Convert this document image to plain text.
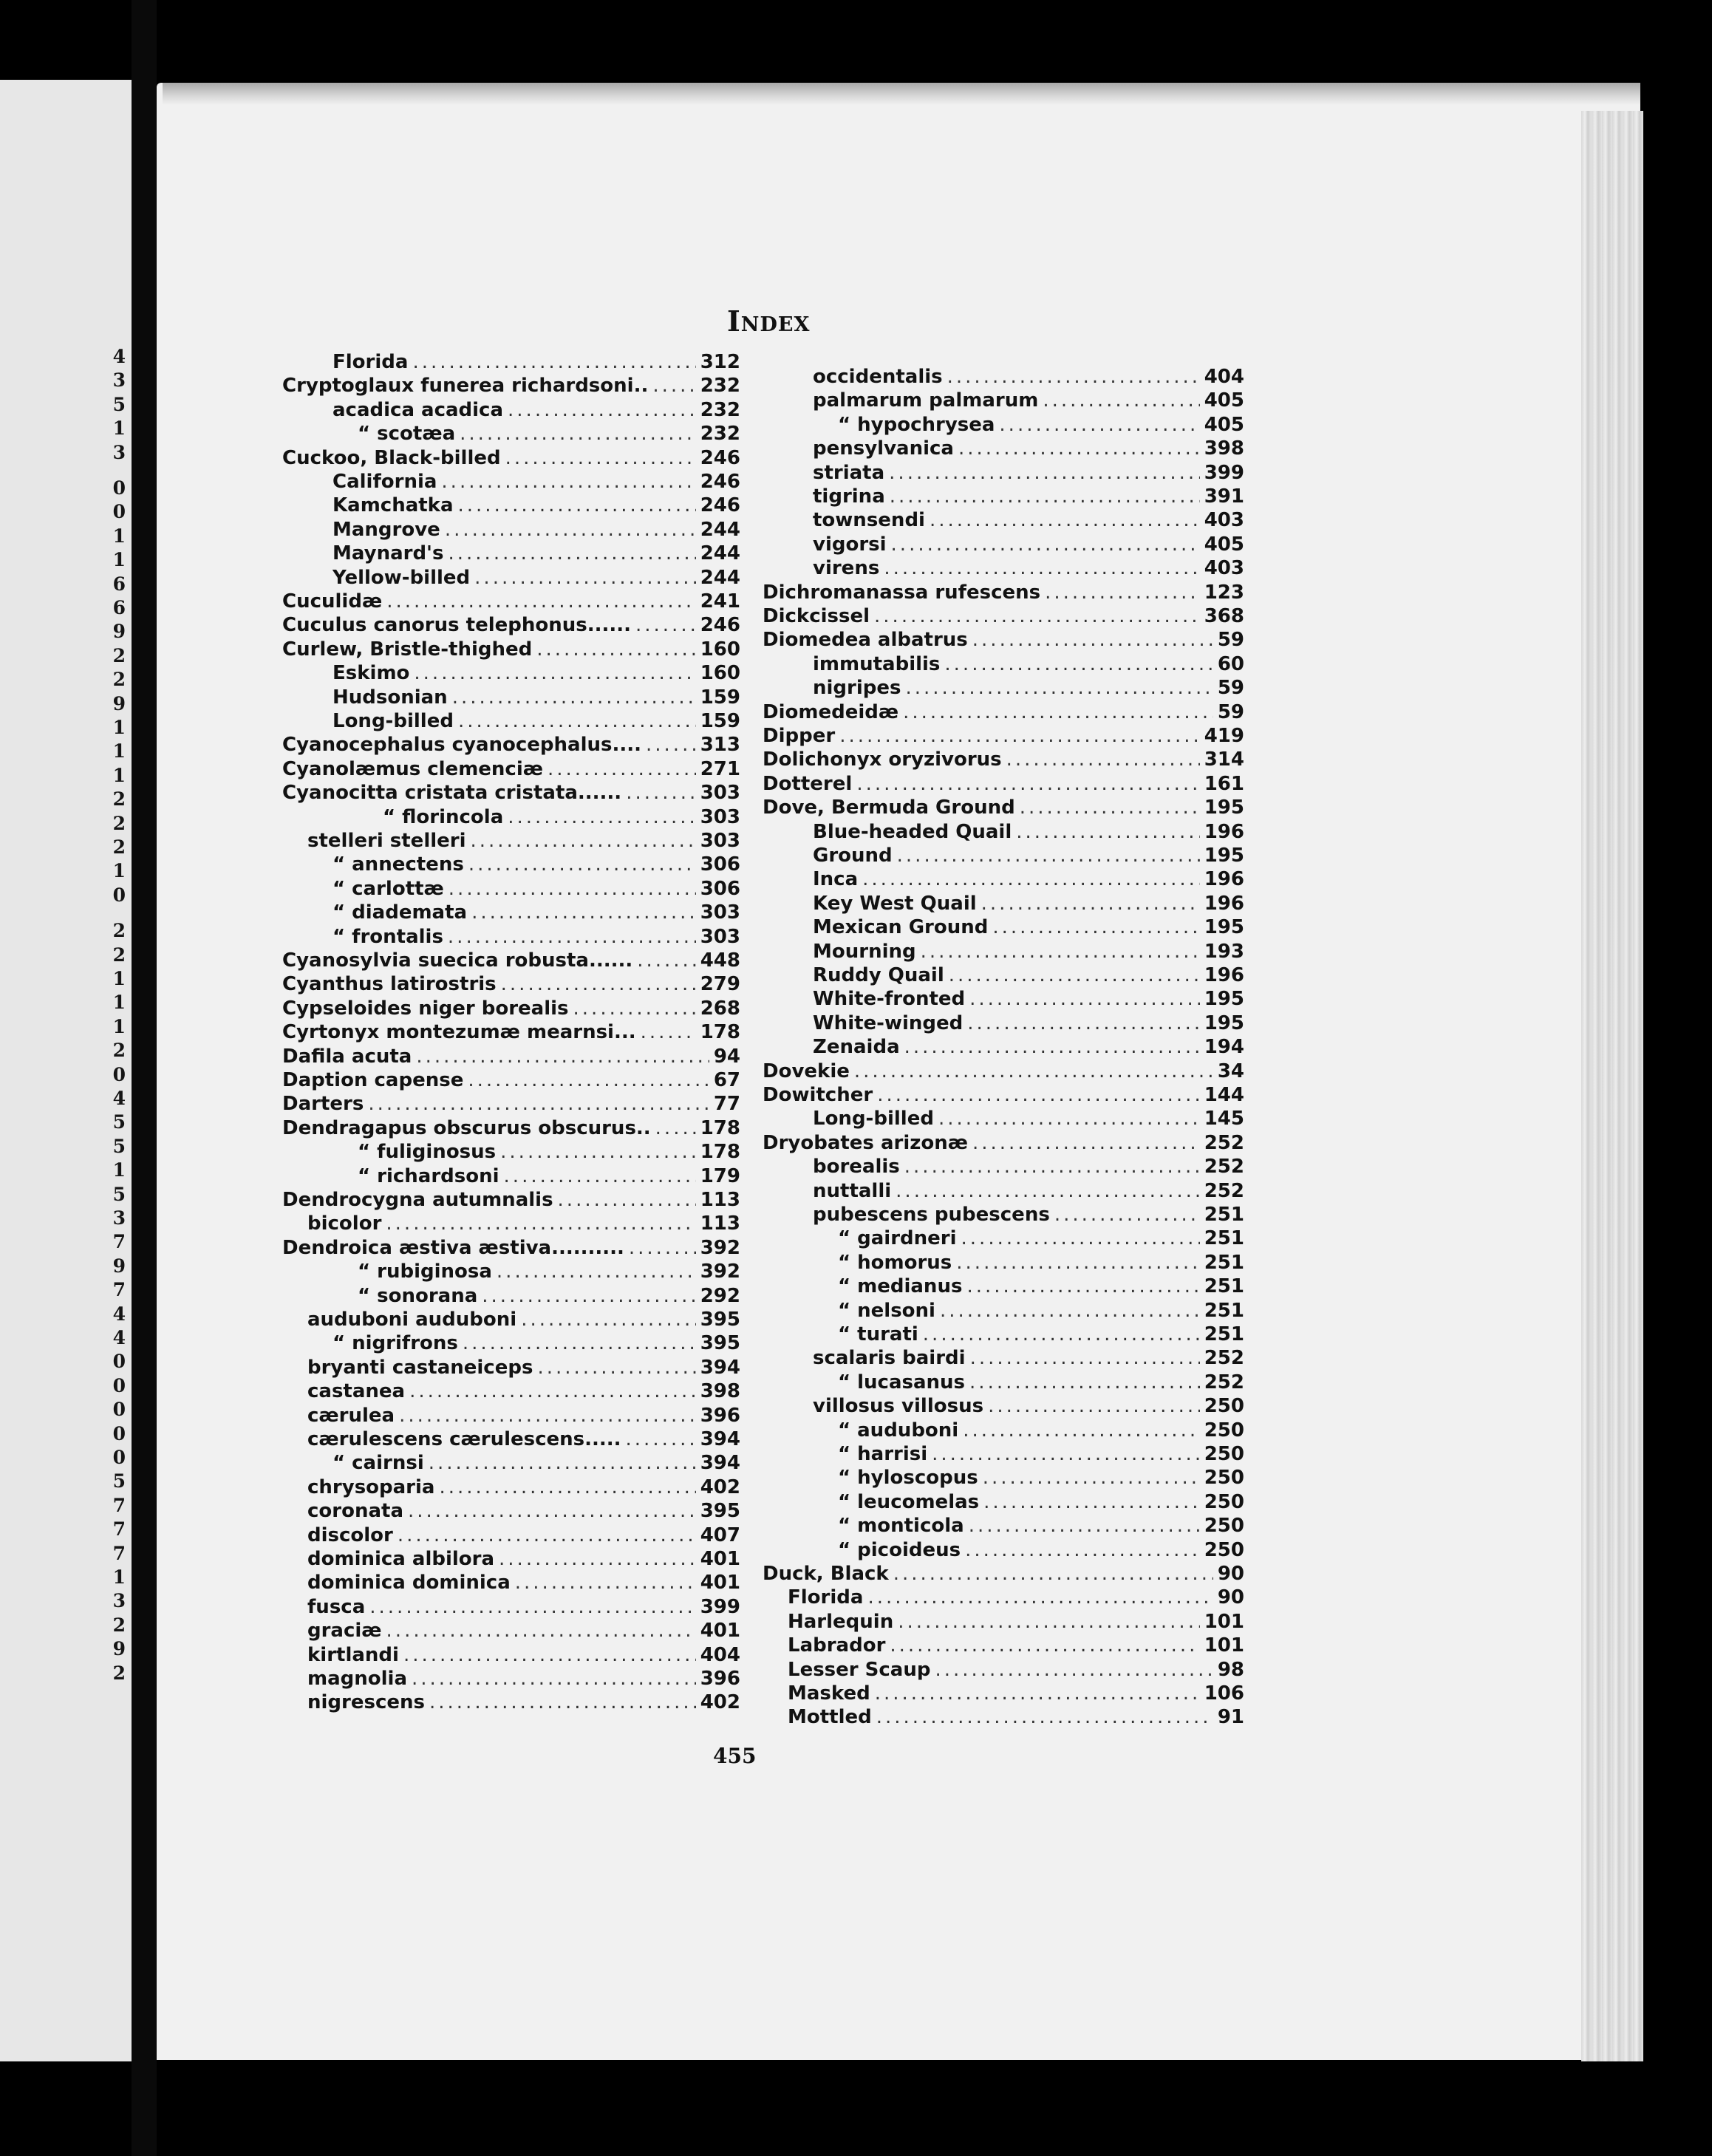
4
3
5
1
3
0
0
1
1
6
6
9
2
2
9
1
1
1
2
2
2
1
0
2
2
1
1
1
2
0
4
5
5
1
5
3
7
9
7
4
4
0
0
0
0
0
5
7
7
7
1
3
2
9
2
Index
Florida .....	312
Cryptoglaux funerea richardsoni.. .....	232
acadica acadica .....	232
“ scotæa .....	232
Cuckoo, Black-billed .....	246
California .....	246
Kamchatka .....	246
Mangrove .....	244
Maynard's .....	244
Yellow-billed .....	244
Cuculidæ .....	241
Cuculus canorus telephonus...... .....	246
Curlew, Bristle-thighed .....	160
Eskimo .....	160
Hudsonian .....	159
Long-billed .....	159
Cyanocephalus cyanocephalus.... .....	313
Cyanolæmus clemenciæ .....	271
Cyanocitta cristata cristata...... .....	303
“ florincola .....	303
stelleri stelleri .....	303
“ annectens .....	306
“ carlottæ .....	306
“ diademata .....	303
“ frontalis .....	303
Cyanosylvia suecica robusta...... .....	448
Cyanthus latirostris .....	279
Cypseloides niger borealis .....	268
Cyrtonyx montezumæ mearnsi... .....	178
Dafila acuta .....	94
Daption capense .....	67
Darters .....	77
Dendragapus obscurus obscurus.. .....	178
“ fuliginosus .....	178
“ richardsoni .....	179
Dendrocygna autumnalis .....	113
bicolor .....	113
Dendroica æstiva æstiva.......... .....	392
“ rubiginosa .....	392
“ sonorana .....	292
auduboni auduboni .....	395
“ nigrifrons .....	395
bryanti castaneiceps .....	394
castanea .....	398
cærulea .....	396
cærulescens cærulescens..... .....	394
“ cairnsi .....	394
chrysoparia .....	402
coronata .....	395
discolor .....	407
dominica albilora .....	401
dominica dominica .....	401
fusca .....	399
graciæ .....	401
kirtlandi .....	404
magnolia .....	396
nigrescens .....	402
occidentalis .....	404
palmarum palmarum .....	405
“ hypochrysea .....	405
pensylvanica .....	398
striata .....	399
tigrina .....	391
townsendi .....	403
vigorsi .....	405
virens .....	403
Dichromanassa rufescens .....	123
Dickcissel .....	368
Diomedea albatrus .....	59
immutabilis .....	60
nigripes .....	59
Diomedeidæ .....	59
Dipper .....	419
Dolichonyx oryzivorus .....	314
Dotterel .....	161
Dove, Bermuda Ground .....	195
Blue-headed Quail .....	196
Ground .....	195
Inca .....	196
Key West Quail .....	196
Mexican Ground .....	195
Mourning .....	193
Ruddy Quail .....	196
White-fronted .....	195
White-winged .....	195
Zenaida .....	194
Dovekie .....	34
Dowitcher .....	144
Long-billed .....	145
Dryobates arizonæ .....	252
borealis .....	252
nuttalli .....	252
pubescens pubescens .....	251
“ gairdneri .....	251
“ homorus .....	251
“ medianus .....	251
“ nelsoni .....	251
“ turati .....	251
scalaris bairdi .....	252
“ lucasanus .....	252
villosus villosus .....	250
“ auduboni .....	250
“ harrisi .....	250
“ hyloscopus .....	250
“ leucomelas .....	250
“ monticola .....	250
“ picoideus .....	250
Duck, Black .....	90
Florida .....	90
Harlequin .....	101
Labrador .....	101
Lesser Scaup .....	98
Masked .....	106
Mottled .....	91
455
